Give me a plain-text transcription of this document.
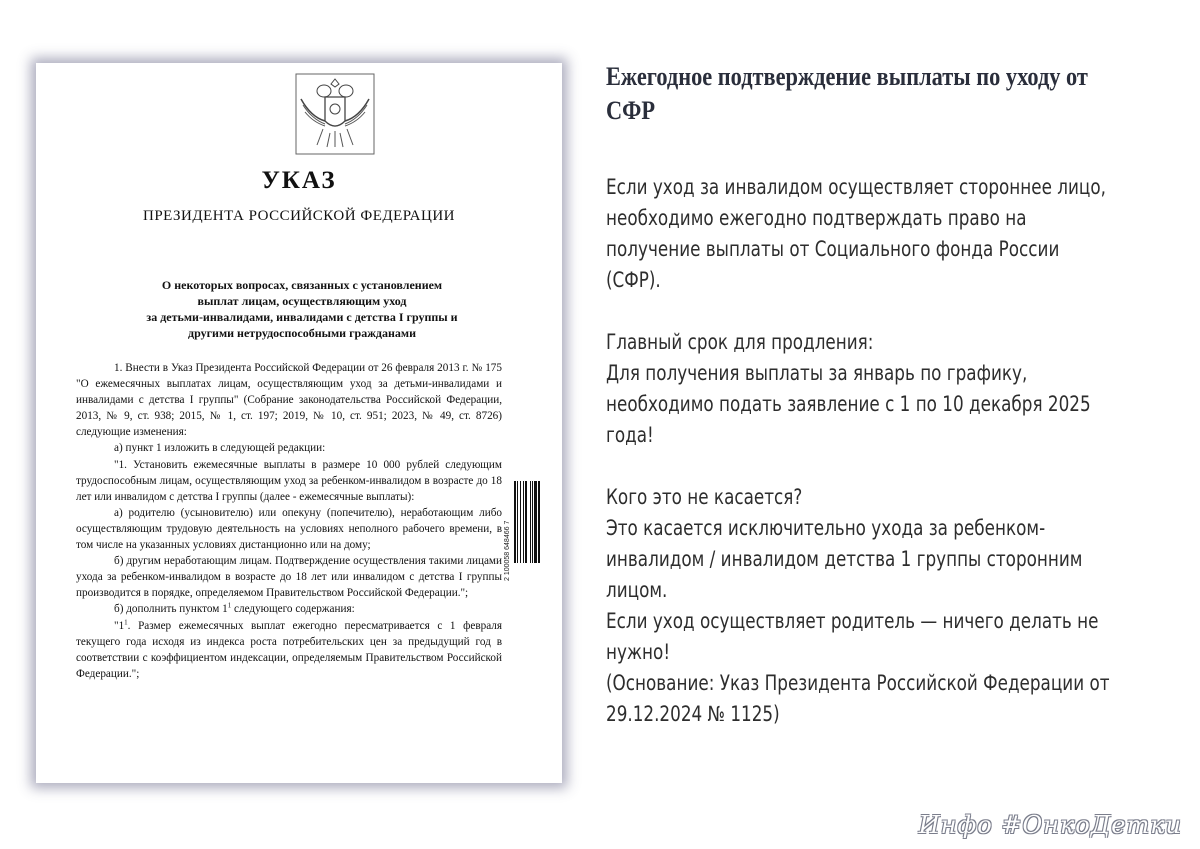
УКАЗ
ПРЕЗИДЕНТА РОССИЙСКОЙ ФЕДЕРАЦИИ
О некоторых вопросах, связанных с установлением
выплат лицам, осуществляющим уход
за детьми-инвалидами, инвалидами с детства I группы и
другими нетрудоспособными гражданами

1. Внести в Указ Президента Российской Федерации от 26 февраля 2013 г. № 175 "О ежемесячных выплатах лицам, осуществляющим уход за детьми-инвалидами и инвалидами с детства I группы" (Собрание законодательства Российской Федерации, 2013, № 9, ст. 938; 2015, № 1, ст. 197; 2019, № 10, ст. 951; 2023, № 49, ст. 8726) следующие изменения:

а) пункт 1 изложить в следующей редакции:

"1. Установить ежемесячные выплаты в размере 10 000 рублей следующим трудоспособным лицам, осуществляющим уход за ребенком-инвалидом в возрасте до 18 лет или инвалидом с детства I группы (далее - ежемесячные выплаты):

а) родителю (усыновителю) или опекуну (попечителю), неработающим либо осуществляющим трудовую деятельность на условиях неполного рабочего времени, в том числе на указанных условиях дистанционно или на дому;

б) другим неработающим лицам. Подтверждение осуществления такими лицами ухода за ребенком-инвалидом в возрасте до 18 лет или инвалидом с детства I группы производится в порядке, определяемом Правительством Российской Федерации.";

б) дополнить пунктом $1^1$ следующего содержания:

"$1^1$. Размер ежемесячных выплат ежегодно пересматривается с 1 февраля текущего года исходя из индекса роста потребительских цен за предыдущий год в соответствии с коэффициентом индексации, определяемым Правительством Российской Федерации.";

2 100058 648466 7
Ежегодное подтверждение выплаты по уходу от СФР

Если уход за инвалидом осуществляет стороннее лицо, необходимо ежегодно подтверждать право на получение выплаты от Социального фонда России (СФР).

Главный срок для продления:

Для получения выплаты за январь по графику, необходимо подать заявление с 1 по 10 декабря 2025 года!

Кого это не касается?

Это касается исключительно ухода за ребенком-инвалидом / инвалидом детства 1 группы сторонним лицом.

Если уход осуществляет родитель — ничего делать не нужно!

(Основание: Указ Президента Российской Федерации от 29.12.2024 № 1125)

Инфо #ОнкоДетки
